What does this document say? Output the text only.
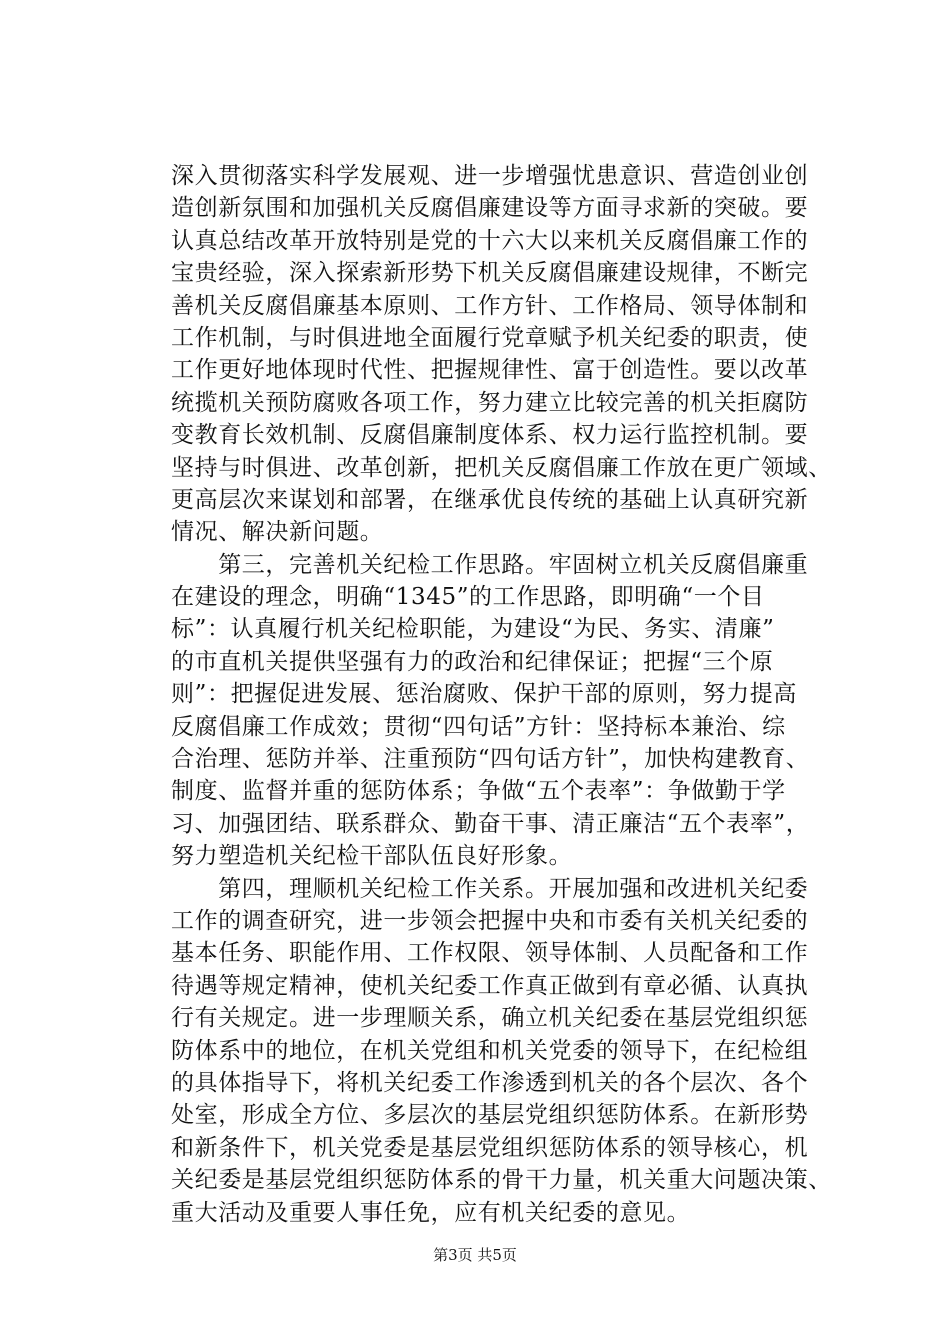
深入贯彻落实科学发展观、进一步增强忧患意识、营造创业创
造创新氛围和加强机关反腐倡廉建设等方面寻求新的突破。要
认真总结改革开放特别是党的十六大以来机关反腐倡廉工作的
宝贵经验，深入探索新形势下机关反腐倡廉建设规律，不断完
善机关反腐倡廉基本原则、工作方针、工作格局、领导体制和
工作机制，与时俱进地全面履行党章赋予机关纪委的职责，使
工作更好地体现时代性、把握规律性、富于创造性。要以改革
统揽机关预防腐败各项工作，努力建立比较完善的机关拒腐防
变教育长效机制、反腐倡廉制度体系、权力运行监控机制。要
坚持与时俱进、改革创新，把机关反腐倡廉工作放在更广领域、
更高层次来谋划和部署，在继承优良传统的基础上认真研究新
情况、解决新问题。
　　第三，完善机关纪检工作思路。牢固树立机关反腐倡廉重
在建设的理念，明确“1345”的工作思路，即明确“一个目
标”：认真履行机关纪检职能，为建设“为民、务实、清廉”
的市直机关提供坚强有力的政治和纪律保证；把握“三个原
则”：把握促进发展、惩治腐败、保护干部的原则，努力提高
反腐倡廉工作成效；贯彻“四句话”方针：坚持标本兼治、综
合治理、惩防并举、注重预防“四句话方针”，加快构建教育、
制度、监督并重的惩防体系；争做“五个表率”：争做勤于学
习、加强团结、联系群众、勤奋干事、清正廉洁“五个表率”，
努力塑造机关纪检干部队伍良好形象。
　　第四，理顺机关纪检工作关系。开展加强和改进机关纪委
工作的调查研究，进一步领会把握中央和市委有关机关纪委的
基本任务、职能作用、工作权限、领导体制、人员配备和工作
待遇等规定精神，使机关纪委工作真正做到有章必循、认真执
行有关规定。进一步理顺关系，确立机关纪委在基层党组织惩
防体系中的地位，在机关党组和机关党委的领导下，在纪检组
的具体指导下，将机关纪委工作渗透到机关的各个层次、各个
处室，形成全方位、多层次的基层党组织惩防体系。在新形势
和新条件下，机关党委是基层党组织惩防体系的领导核心，机
关纪委是基层党组织惩防体系的骨干力量，机关重大问题决策、
重大活动及重要人事任免，应有机关纪委的意见。
第3页 共5页
